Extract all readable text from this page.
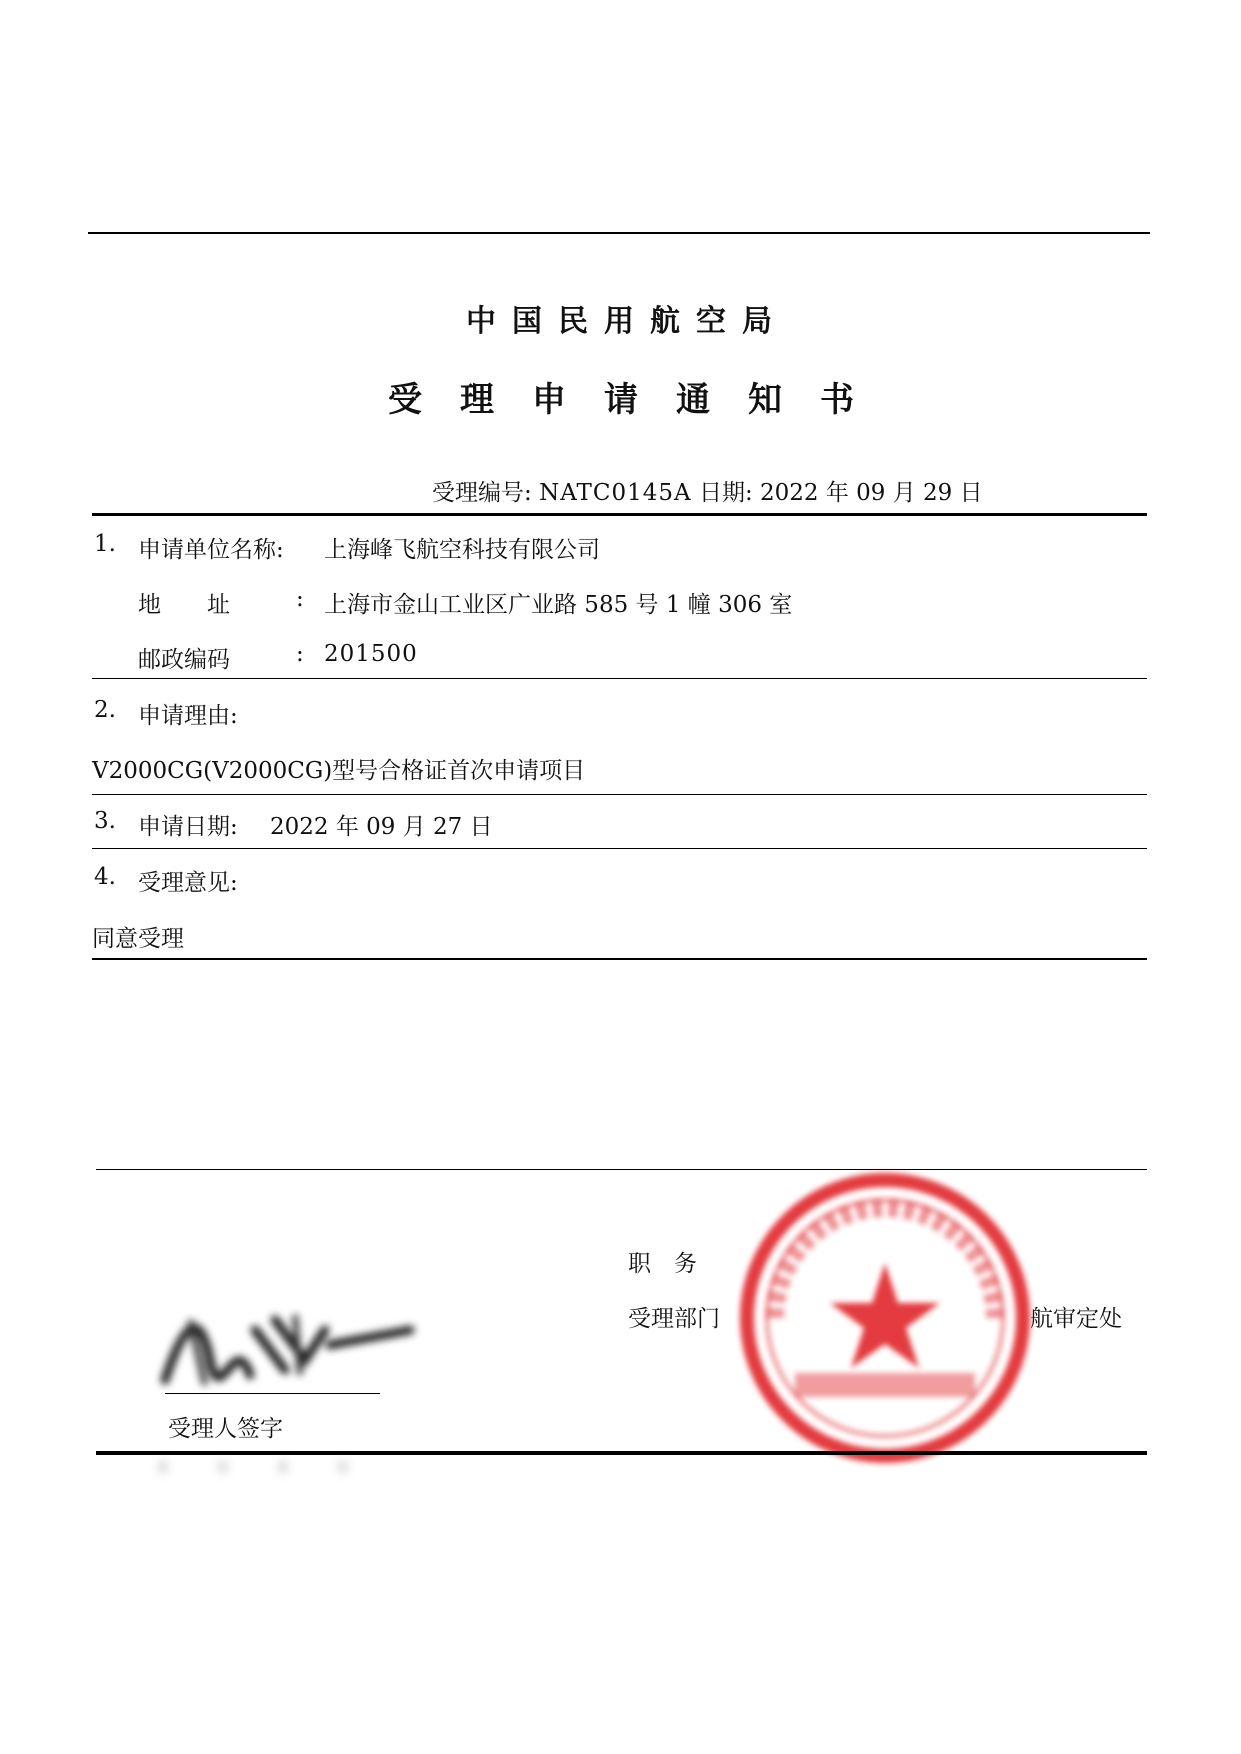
中国民用航空局
受理申请通知书
受理编号: NATC0145A 日期: 2022 年 09 月 29 日
1. 申请单位名称: 上海峰飞航空科技有限公司
地　　址	: 上海市金山工业区广业路 585 号 1 幢 306 室
邮政编码	: 201500
2. 申请理由:
V2000CG(V2000CG)型号合格证首次申请项目
3. 申请日期: 2022 年 09 月 27 日
4. 受理意见:
同意受理
职　务
受理部门	航审定处
受理人签字
